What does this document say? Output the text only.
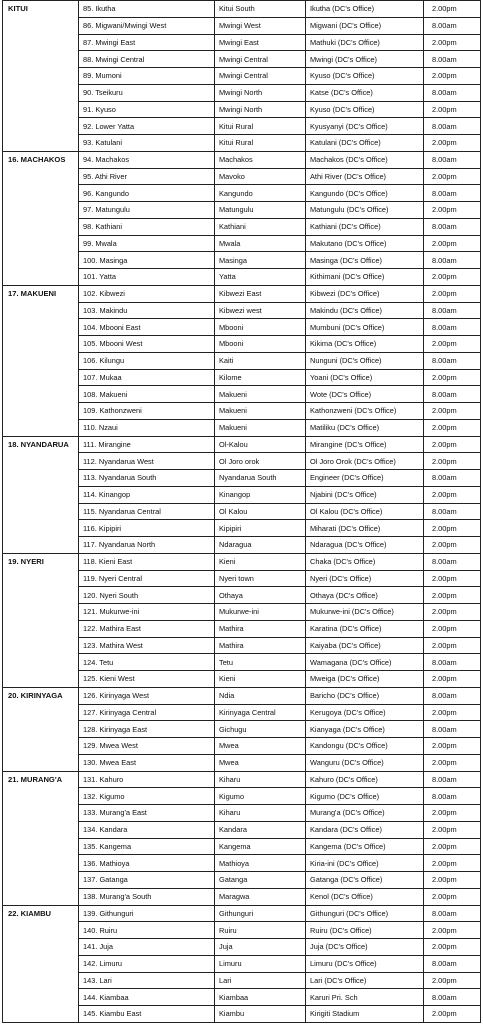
KITUI	85. Ikutha	Kitui South	Ikutha (DC's Office)	2.00pm
	86. Migwani/Mwingi West	Mwingi West	Migwani (DC's Office)	8.00am
	87. Mwingi East	Mwingi East	Mathuki (DC's Office)	2.00pm
	88. Mwingi Central	Mwingi Central	Mwingi (DC's Office)	8.00am
	89. Mumoni	Mwingi Central	Kyuso (DC's Office)	2.00pm
	90. Tseikuru	Mwingi North	Katse (DC's Office)	8.00am
	91. Kyuso	Mwingi North	Kyuso (DC's Office)	2.00pm
	92. Lower Yatta	Kitui Rural	Kyusyanyi (DC's Office)	8.00am
	93. Katulani	Kitui Rural	Katulani (DC's Office)	2.00pm
16. MACHAKOS	94. Machakos	Machakos	Machakos (DC's Office)	8.00am
	95. Athi River	Mavoko	Athi River (DC's Office)	2.00pm
	96. Kangundo	Kangundo	Kangundo (DC's Office)	8.00am
	97. Matungulu	Matungulu	Matungulu (DC's Office)	2.00pm
	98. Kathiani	Kathiani	Kathiani (DC's Office)	8.00am
	99. Mwala	Mwala	Makutano (DC's Office)	2.00pm
	100. Masinga	Masinga	Masinga (DC's Office)	8.00am
	101. Yatta	Yatta	Kithimani (DC's Office)	2.00pm
17. MAKUENI	102. Kibwezi	Kibwezi East	Kibwezi (DC's Office)	2.00pm
	103. Makindu	Kibwezi west	Makindu (DC's Office)	8.00am
	104. Mbooni East	Mbooni	Mumbuni (DC's Office)	8.00am
	105. Mbooni West	Mbooni	Kikima (DC's Office)	2.00pm
	106. Kilungu	Kaiti	Nunguni (DC's Office)	8.00am
	107. Mukaa	Kilome	Yoani (DC's Office)	2.00pm
	108. Makueni	Makueni	Wote (DC's Office)	8.00am
	109. Kathonzweni	Makueni	Kathonzweni (DC's Office)	2.00pm
	110. Nzaui	Makueni	Matiliku (DC's Office)	2.00pm
18. NYANDARUA	111. Mirangine	Ol-Kalou	Mirangine (DC's Office)	2.00pm
	112. Nyandarua West	Ol Joro orok	Ol Joro Orok (DC's Office)	2.00pm
	113. Nyandarua South	Nyandarua South	Engineer (DC's Office)	8.00am
	114. Kinangop	Kinangop	Njabini (DC's Office)	2.00pm
	115. Nyandarua Central	Ol Kalou	Ol Kalou (DC's Office)	8.00am
	116. Kipipiri	Kipipiri	Miharati (DC's Office)	2.00pm
	117. Nyandarua North	Ndaragua	Ndaragua (DC's Office)	2.00pm
19. NYERI	118. Kieni East	Kieni	Chaka (DC's Office)	8.00am
	119. Nyeri Central	Nyeri town	Nyeri (DC's Office)	2.00pm
	120. Nyeri South	Othaya	Othaya (DC's Office)	2.00pm
	121. Mukurwe-ini	Mukurwe-ini	Mukurwe-ini (DC's Office)	2.00pm
	122. Mathira East	Mathira	Karatina (DC's Office)	2.00pm
	123. Mathira West	Mathira	Kaiyaba (DC's Office)	2.00pm
	124. Tetu	Tetu	Wamagana (DC's Office)	8.00am
	125. Kieni West	Kieni	Mweiga (DC's Office)	2.00pm
20. KIRINYAGA	126. Kirinyaga West	Ndia	Baricho (DC's Office)	8.00am
	127. Kirinyaga Central	Kirinyaga Central	Kerugoya (DC's Office)	2.00pm
	128. Kirinyaga East	Gichugu	Kianyaga (DC's Office)	8.00am
	129. Mwea West	Mwea	Kandongu (DC's Office)	2.00pm
	130. Mwea East	Mwea	Wanguru (DC's Office)	2.00pm
21. MURANG'A	131. Kahuro	Kiharu	Kahuro (DC's Office)	8.00am
	132. Kigumo	Kigumo	Kigumo (DC's Office)	8.00am
	133. Murang'a East	Kiharu	Murang'a (DC's Office)	2.00pm
	134. Kandara	Kandara	Kandara (DC's Office)	2.00pm
	135. Kangema	Kangema	Kangema (DC's Office)	2.00pm
	136. Mathioya	Mathioya	Kiria-ini (DC's Office)	2.00pm
	137. Gatanga	Gatanga	Gatanga (DC's Office)	2.00pm
	138. Murang'a South	Maragwa	Kenol (DC's Office)	2.00pm
22. KIAMBU	139. Githunguri	Githunguri	Githunguri (DC's Office)	8.00am
	140. Ruiru	Ruiru	Ruiru (DC's Office)	2.00pm
	141. Juja	Juja	Juja (DC's Office)	2.00pm
	142. Limuru	Limuru	Limuru (DC's Office)	8.00am
	143. Lari	Lari	Lari (DC's Office)	2.00pm
	144. Kiambaa	Kiambaa	Karuri Pri. Sch	8.00am
	145. Kiambu East	Kiambu	Kirigiti Stadium	2.00pm
